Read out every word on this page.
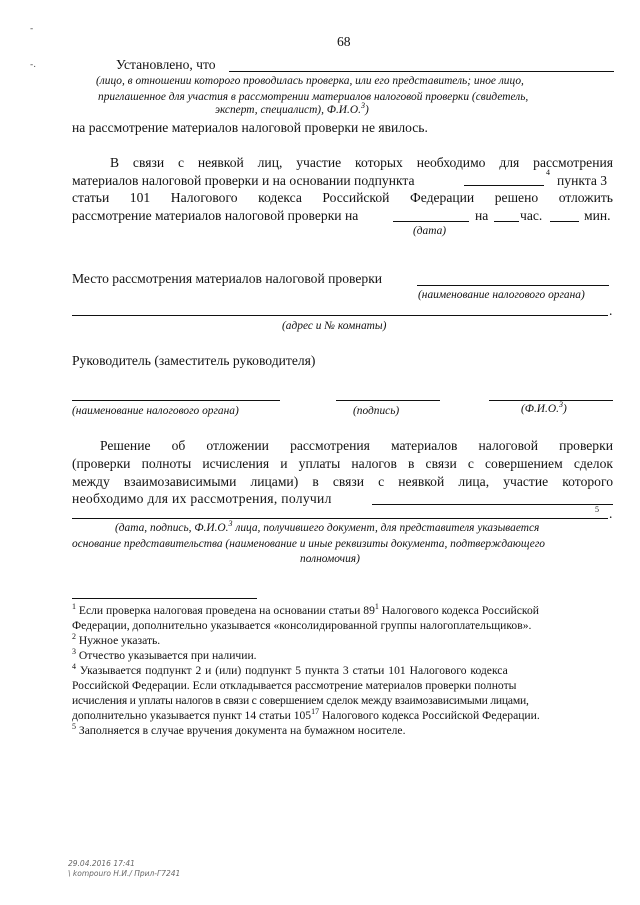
-
-.
68
Установлено, что
(лицо, в отношении которого проводилась проверка, или его представитель; иное лицо,
приглашенное для участия в рассмотрении материалов налоговой проверки (свидетель,
эксперт, специалист), Ф.И.О.$^3$)
на рассмотрение материалов налоговой проверки не явилось.
В связи с неявкой лиц, участие которых необходимо для рассмотрения
материалов налоговой проверки и на основании подпункта
4
пункта 3
статьи 101 Налогового кодекса Российской Федерации решено отложить
рассмотрение материалов налоговой проверки на	на час.	мин.
(дата)
Место рассмотрения материалов налоговой проверки
(наименование налогового органа)
.
(адрес и № комнаты)
Руководитель (заместитель руководителя)
(наименование налогового органа)	(подпись)	(Ф.И.О.$^3$)
Решение об отложении рассмотрения материалов налоговой проверки
(проверки полноты исчисления и уплаты налогов в связи с совершением сделок
между взаимозависимыми лицами) в связи с неявкой лица, участие которого
необходимо для их рассмотрения, получил
5 .
(дата, подпись, Ф.И.О.$^3$ лица, получившего документ, для представителя указывается
основание представительства (наименование и иные реквизиты документа, подтверждающего
полномочия)
$^1$ Если проверка налоговая проведена на основании статьи $89^1$ Налогового кодекса Российской
Федерации, дополнительно указывается «консолидированной группы налогоплательщиков».
$^2$ Нужное указать.
$^3$ Отчество указывается при наличии.
$^4$ Указывается подпункт 2 и (или) подпункт 5 пункта 3 статьи 101 Налогового кодекса
Российской Федерации. Если откладывается рассмотрение материалов проверки полноты
исчисления и уплаты налогов в связи с совершением сделок между взаимозависимыми лицами,
дополнительно указывается пункт 14 статьи $105^{17}$ Налогового кодекса Российской Федерации.
$^5$ Заполняется в случае вручения документа на бумажном носителе.
29.04.2016 17:41
\ kompouro Н.И./ Прил-Г7241
